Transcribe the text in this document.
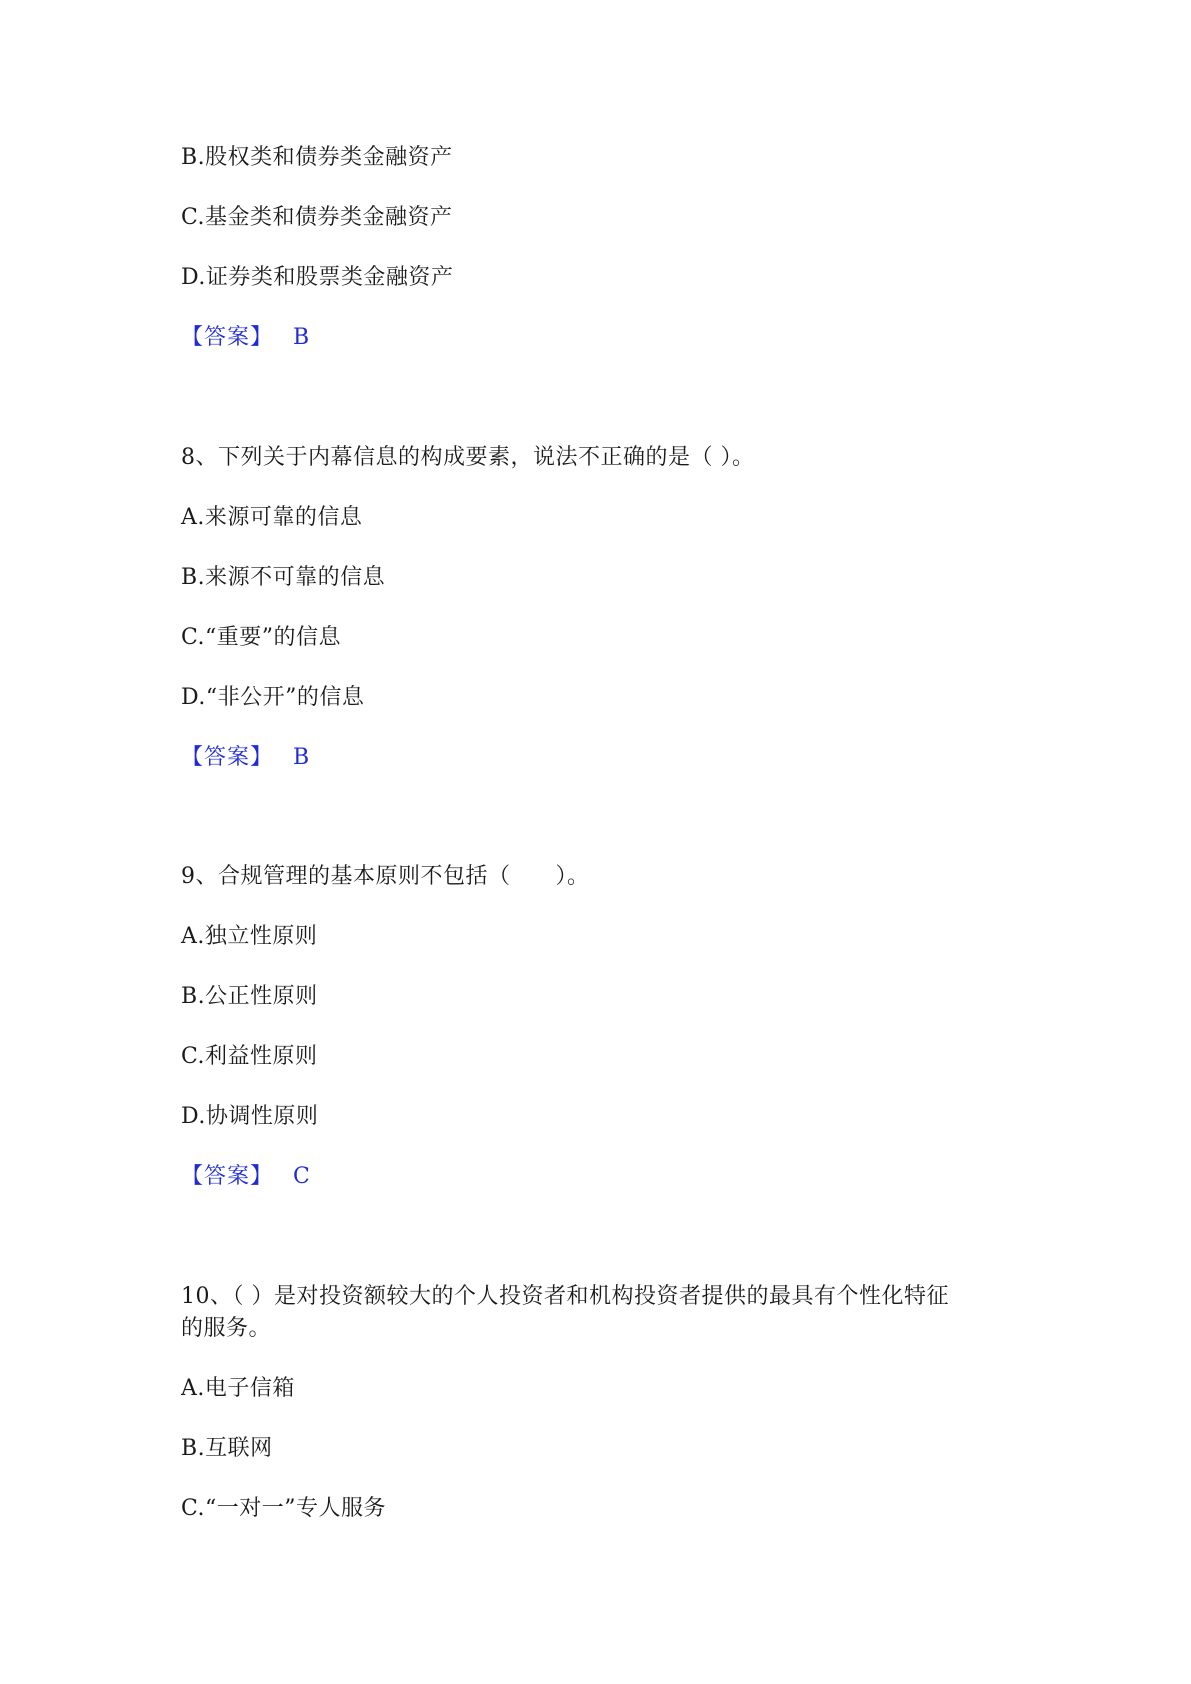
B.股权类和债券类金融资产
C.基金类和债券类金融资产
D.证券类和股票类金融资产
【答案】 B
8、下列关于内幕信息的构成要素，说法不正确的是（ ）。
A.来源可靠的信息
B.来源不可靠的信息
C.“重要”的信息
D.“非公开”的信息
【答案】 B
9、合规管理的基本原则不包括（　　）。
A.独立性原则
B.公正性原则
C.利益性原则
D.协调性原则
【答案】 C
10、（ ）是对投资额较大的个人投资者和机构投资者提供的最具有个性化特征
的服务。
A.电子信箱
B.互联网
C.“一对一”专人服务
